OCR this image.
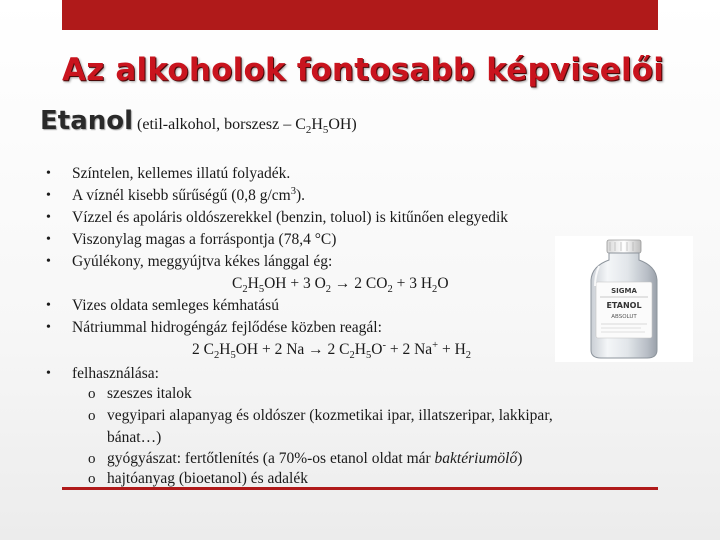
Az alkoholok fontosabb képviselői
Etanol (etil-alkohol, borszesz – $C_2H_5OH$)
• Színtelen, kellemes illatú folyadék.
• A víznél kisebb sűrűségű (0,8 $g/cm^3$).
• Vízzel és apoláris oldószerekkel (benzin, toluol) is kitűnően elegyedik
• Viszonylag magas a forráspontja (78,4 °C)
• Gyúlékony, meggyújtva kékes lánggal ég:
$C_2H_5OH + 3$ $O_2 \to 2$ $CO_2 + 3$ $H_2O$
• Vizes oldata semleges kémhatású
• Nátriummal hidrogéngáz fejlődése közben reagál:
2 $C_2H_5OH + 2$ Na → 2 $C_2H_5O^- + 2$ $Na^+ + H_2$
• felhasználása:
o szeszes italok
o vegyipari alapanyag és oldószer (kozmetikai ipar, illatszeripar, lakkipar,
bánat…)
o gyógyászat: fertőtlenítés (a 70%-os etanol oldat már baktériumölő)
o hajtóanyag (bioetanol) és adalék
SIGMA
ETANOL
ABSOLUT
